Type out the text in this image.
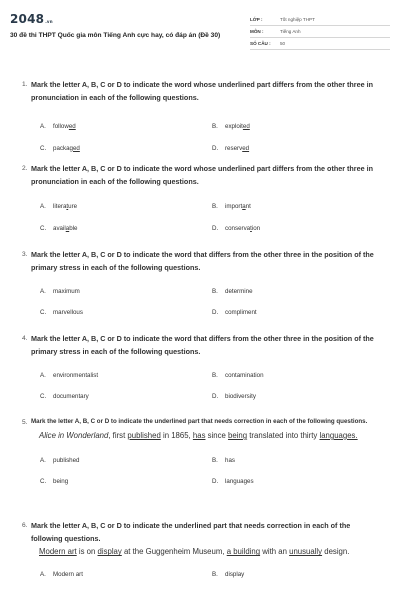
2048.vn
30 đề thi THPT Quốc gia môn Tiếng Anh cực hay, có đáp án (Đề 30)
LỚP :	Tốt nghiệp THPT
MÔN :	Tiếng Anh
SỐ CÂU :	50
1. Mark the letter A, B, C or D to indicate the word whose underlined part differs from the other three in pronunciation in each of the following questions.
A. followed	B. exploited
C. packaged	D. reserved
2. Mark the letter A, B, C or D to indicate the word whose underlined part differs from the other three in pronunciation in each of the following questions.
A. literature	B. important
C. available	D. conservation
3. Mark the letter A, B, C or D to indicate the word that differs from the other three in the position of the primary stress in each of the following questions.
A. maximum	B. determine
C. marvellous	D. compliment
4. Mark the letter A, B, C or D to indicate the word that differs from the other three in the position of the primary stress in each of the following questions.
A. environmentalist	B. contamination
C. documentary	D. biodiversity
5. Mark the letter A, B, C or D to indicate the underlined part that needs correction in each of the following questions.
Alice in Wonderland, first published in 1865, has since being translated into thirty languages.
A. published	B. has
C. being	D. languages
6. Mark the letter A, B, C or D to indicate the underlined part that needs correction in each of the following questions.
Modern art is on display at the Guggenheim Museum, a building with an unusually design.
A. Modern art	B. display
